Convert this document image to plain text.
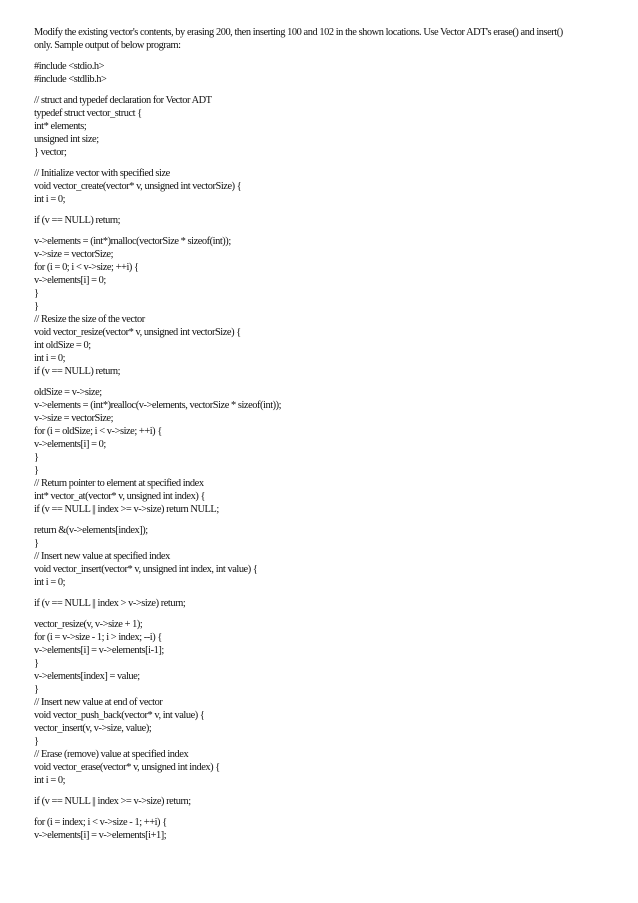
Modify the existing vector's contents, by erasing 200, then inserting 100 and 102 in the shown locations. Use Vector ADT's erase() and insert()
only. Sample output of below program:
#include <stdio.h>
#include <stdlib.h>
// struct and typedef declaration for Vector ADT
typedef struct vector_struct {
int* elements;
unsigned int size;
} vector;
// Initialize vector with specified size
void vector_create(vector* v, unsigned int vectorSize) {
int i = 0;
if (v == NULL) return;
v->elements = (int*)malloc(vectorSize * sizeof(int));
v->size = vectorSize;
for (i = 0; i < v->size; ++i) {
v->elements[i] = 0;
}
}
// Resize the size of the vector
void vector_resize(vector* v, unsigned int vectorSize) {
int oldSize = 0;
int i = 0;
if (v == NULL) return;
oldSize = v->size;
v->elements = (int*)realloc(v->elements, vectorSize * sizeof(int));
v->size = vectorSize;
for (i = oldSize; i < v->size; ++i) {
v->elements[i] = 0;
}
}
// Return pointer to element at specified index
int* vector_at(vector* v, unsigned int index) {
if (v == NULL || index >= v->size) return NULL;
return &(v->elements[index]);
}
// Insert new value at specified index
void vector_insert(vector* v, unsigned int index, int value) {
int i = 0;
if (v == NULL || index > v->size) return;
vector_resize(v, v->size + 1);
for (i = v->size - 1; i > index; --i) {
v->elements[i] = v->elements[i-1];
}
v->elements[index] = value;
}
// Insert new value at end of vector
void vector_push_back(vector* v, int value) {
vector_insert(v, v->size, value);
}
// Erase (remove) value at specified index
void vector_erase(vector* v, unsigned int index) {
int i = 0;
if (v == NULL || index >= v->size) return;
for (i = index; i < v->size - 1; ++i) {
v->elements[i] = v->elements[i+1];
